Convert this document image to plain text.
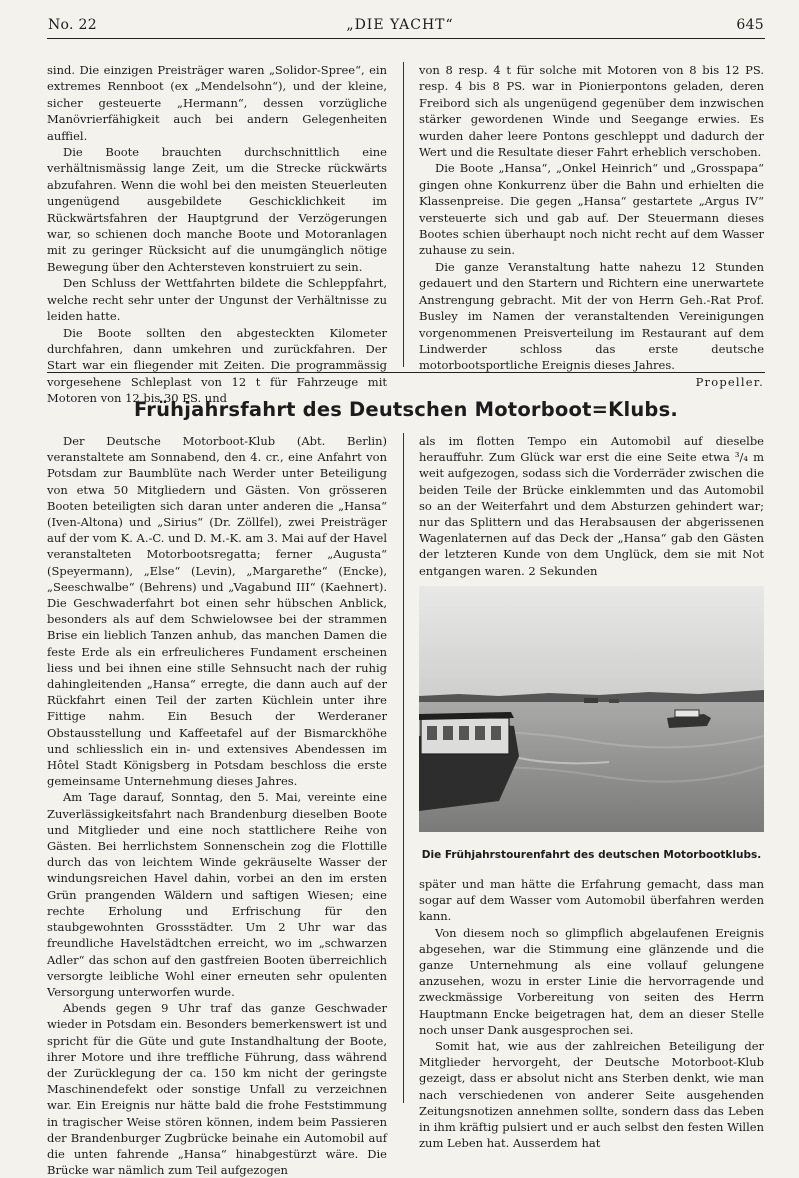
No. 22	„DIE YACHT“	645

sind. Die einzigen Preisträger waren „Solidor-Spree“, ein extremes Rennboot (ex „Mendelsohn“), und der kleine, sicher gesteuerte „Hermann“, dessen vorzügliche Manövrierfähigkeit auch bei andern Gelegenheiten auffiel.

Die Boote brauchten durchschnittlich eine verhältnismässig lange Zeit, um die Strecke rückwärts abzufahren. Wenn die wohl bei den meisten Steuerleuten ungenügend ausgebildete Geschicklichkeit im Rückwärtsfahren der Hauptgrund der Verzögerungen war, so schienen doch manche Boote und Motoranlagen mit zu geringer Rücksicht auf die unumgänglich nötige Bewegung über den Achtersteven konstruiert zu sein.

Den Schluss der Wettfahrten bildete die Schleppfahrt, welche recht sehr unter der Ungunst der Verhältnisse zu leiden hatte.

Die Boote sollten den abgesteckten Kilometer durchfahren, dann umkehren und zurückfahren. Der Start war ein fliegender mit Zeiten. Die programmässig vorgesehene Schleplast von 12 t für Fahrzeuge mit Motoren von 12 bis 30 PS. und

von 8 resp. 4 t für solche mit Motoren von 8 bis 12 PS. resp. 4 bis 8 PS. war in Pionierpontons geladen, deren Freibord sich als ungenügend gegenüber dem inzwischen stärker gewordenen Winde und Seegange erwies. Es wurden daher leere Pontons geschleppt und dadurch der Wert und die Resultate dieser Fahrt erheblich verschoben.

Die Boote „Hansa“, „Onkel Heinrich“ und „Grosspapa“ gingen ohne Konkurrenz über die Bahn und erhielten die Klassenpreise. Die gegen „Hansa“ gestartete „Argus IV“ versteuerte sich und gab auf. Der Steuermann dieses Bootes schien überhaupt noch nicht recht auf dem Wasser zuhause zu sein.

Die ganze Veranstaltung hatte nahezu 12 Stunden gedauert und den Startern und Richtern eine unerwartete Anstrengung gebracht. Mit der von Herrn Geh.-Rat Prof. Busley im Namen der veranstaltenden Vereinigungen vorgenommenen Preisverteilung im Restaurant auf dem Lindwerder schloss das erste deutsche motorbootsportliche Ereignis dieses Jahres.

Propeller.
Frühjahrsfahrt des Deutschen Motorboot=Klubs.

Der Deutsche Motorboot-Klub (Abt. Berlin) veranstaltete am Sonnabend, den 4. cr., eine Anfahrt von Potsdam zur Baumblüte nach Werder unter Beteiligung von etwa 50 Mitgliedern und Gästen. Von grösseren Booten beteiligten sich daran unter anderen die „Hansa“ (Iven-Altona) und „Sirius“ (Dr. Zöllfel), zwei Preisträger auf der vom K. A.-C. und D. M.-K. am 3. Mai auf der Havel veranstalteten Motorbootsregatta; ferner „Augusta“ (Speyermann), „Else“ (Levin), „Margarethe“ (Encke), „Seeschwalbe“ (Behrens) und „Vagabund III“ (Kaehnert). Die Geschwaderfahrt bot einen sehr hübschen Anblick, besonders als auf dem Schwielowsee bei der strammen Brise ein lieblich Tanzen anhub, das manchen Damen die feste Erde als ein erfreulicheres Fundament erscheinen liess und bei ihnen eine stille Sehnsucht nach der ruhig dahingleitenden „Hansa“ erregte, die dann auch auf der Rückfahrt einen Teil der zarten Küchlein unter ihre Fittige nahm. Ein Besuch der Werderaner Obstausstellung und Kaffeetafel auf der Bismarckhöhe und schliesslich ein in- und extensives Abendessen im Hôtel Stadt Königsberg in Potsdam beschloss die erste gemeinsame Unternehmung dieses Jahres.

Am Tage darauf, Sonntag, den 5. Mai, vereinte eine Zuverlässigkeitsfahrt nach Brandenburg dieselben Boote und Mitglieder und eine noch stattlichere Reihe von Gästen. Bei herrlichstem Sonnenschein zog die Flottille durch das von leichtem Winde gekräuselte Wasser der windungsreichen Havel dahin, vorbei an den im ersten Grün prangenden Wäldern und saftigen Wiesen; eine rechte Erholung und Erfrischung für den staubgewohnten Grossstädter. Um 2 Uhr war das freundliche Havelstädtchen erreicht, wo im „schwarzen Adler“ das schon auf den gastfreien Booten überreichlich versorgte leibliche Wohl einer erneuten sehr opulenten Versorgung unterworfen wurde.

Abends gegen 9 Uhr traf das ganze Geschwader wieder in Potsdam ein. Besonders bemerkenswert ist und spricht für die Güte und gute Instandhaltung der Boote, ihrer Motore und ihre treffliche Führung, dass während der Zurücklegung der ca. 150 km nicht der geringste Maschinendefekt oder sonstige Unfall zu verzeichnen war. Ein Ereignis nur hätte bald die frohe Feststimmung in tragischer Weise stören können, indem beim Passieren der Brandenburger Zugbrücke beinahe ein Automobil auf die unten fahrende „Hansa“ hinabgestürzt wäre. Die Brücke war nämlich zum Teil aufgezogen

als im flotten Tempo ein Automobil auf dieselbe herauffuhr. Zum Glück war erst die eine Seite etwa ³/₄ m weit aufgezogen, sodass sich die Vorderräder zwischen die beiden Teile der Brücke einklemmten und das Automobil so an der Weiterfahrt und dem Absturzen gehindert war; nur das Splittern und das Herabsausen der abgerissenen Wagenlaternen auf das Deck der „Hansa“ gab den Gästen der letzteren Kunde von dem Unglück, dem sie mit Not entgangen waren. 2 Sekunden

Die Frühjahrstourenfahrt des deutschen Motorbootklubs.

später und man hätte die Erfahrung gemacht, dass man sogar auf dem Wasser vom Automobil überfahren werden kann.

Von diesem noch so glimpflich abgelaufenen Ereignis abgesehen, war die Stimmung eine glänzende und die ganze Unternehmung als eine vollauf gelungene anzusehen, wozu in erster Linie die hervorragende und zweckmässige Vorbereitung von seiten des Herrn Hauptmann Encke beigetragen hat, dem an dieser Stelle noch unser Dank ausgesprochen sei.

Somit hat, wie aus der zahlreichen Beteiligung der Mitglieder hervorgeht, der Deutsche Motorboot-Klub gezeigt, dass er absolut nicht ans Sterben denkt, wie man nach verschiedenen von anderer Seite ausgehenden Zeitungsnotizen annehmen sollte, sondern dass das Leben in ihm kräftig pulsiert und er auch selbst den festen Willen zum Leben hat. Ausserdem hat
